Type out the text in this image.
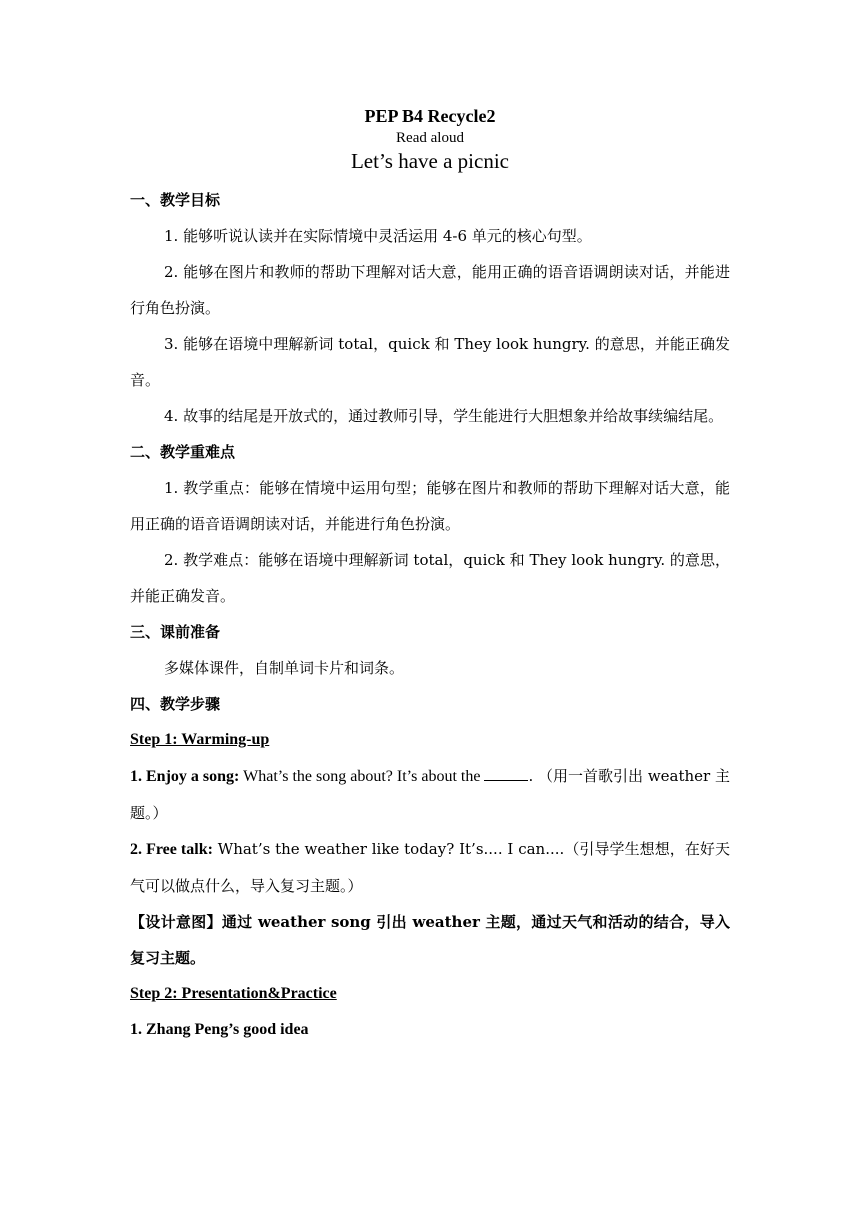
PEP B4 Recycle2

Read aloud

Let’s have a picnic

一、教学目标

1. 能够听说认读并在实际情境中灵活运用 4-6 单元的核心句型。

2. 能够在图片和教师的帮助下理解对话大意，能用正确的语音语调朗读对话，并能进行角色扮演。

3. 能够在语境中理解新词 total，quick 和 They look hungry. 的意思，并能正确发音。

4. 故事的结尾是开放式的，通过教师引导，学生能进行大胆想象并给故事续编结尾。

二、教学重难点

1. 教学重点：能够在情境中运用句型；能够在图片和教师的帮助下理解对话大意，能用正确的语音语调朗读对话，并能进行角色扮演。

2. 教学难点：能够在语境中理解新词 total，quick 和 They look hungry. 的意思，并能正确发音。

三、课前准备

多媒体课件，自制单词卡片和词条。

四、教学步骤

Step 1: Warming-up

1. Enjoy a song: What’s the song about? It’s about the	. （用一首歌引出 weather 主题。）

2. Free talk: What’s the weather like today? It’s.... I can....（引导学生想想，在好天气可以做点什么，导入复习主题。）

【设计意图】通过 weather song 引出 weather 主题，通过天气和活动的结合，导入复习主题。

Step 2: Presentation&Practice

1. Zhang Peng’s good idea
